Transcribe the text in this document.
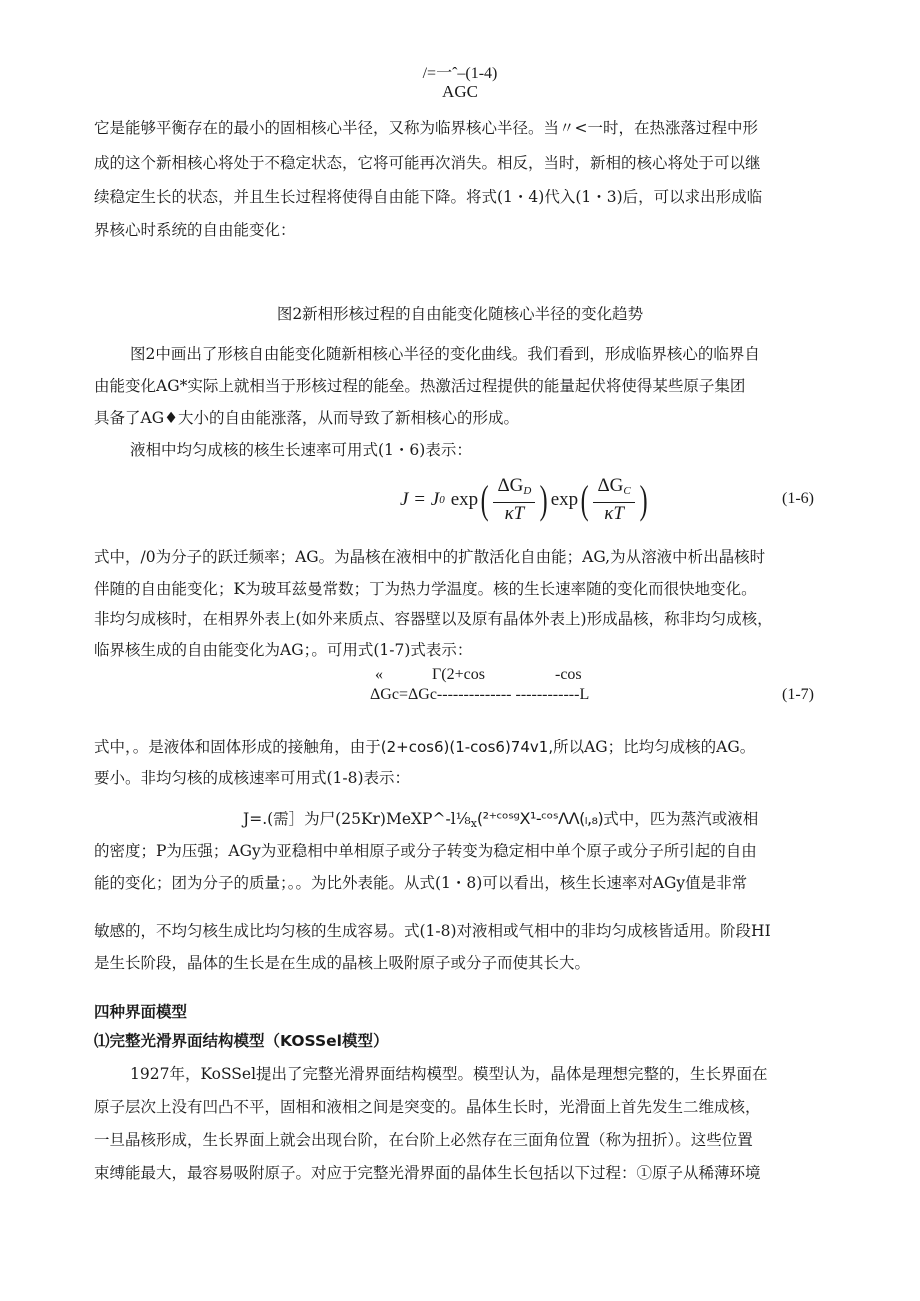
/=一ˆ–(1-4)
AGC
它是能够平衡存在的最小的固相核心半径，又称为临界核心半径。当〃<一时，在热涨落过程中形
成的这个新相核心将处于不稳定状态，它将可能再次消失。相反，当时，新相的核心将处于可以继
续稳定生长的状态，并且生长过程将使得自由能下降。将式(1・4)代入(1・3)后，可以求出形成临
界核心时系统的自由能变化：
图2新相形核过程的自由能变化随核心半径的变化趋势
图2中画出了形核自由能变化随新相核心半径的变化曲线。我们看到，形成临界核心的临界自
由能变化AG*实际上就相当于形核过程的能垒。热激活过程提供的能量起伏将使得某些原子集团
具备了AG♦大小的自由能涨落，从而导致了新相核心的形成。
液相中均匀成核的核生长速率可用式(1・6)表示：
J = J 0 exp ( $\frac{\Delta G_D}{\kappa T}$ ) exp ( $\frac{\Delta G_C}{\kappa T}$ )	(1-6)
式中，/0为分子的跃迁频率；AG。为晶核在液相中的扩散活化自由能；AG,为从溶液中析出晶核时
伴随的自由能变化；K为玻耳兹曼常数；丁为热力学温度。核的生长速率随的变化而很快地变化。
非均匀成核时，在相界外表上(如外来质点、容器壁以及原有晶体外表上)形成晶核，称非均匀成核，
临界核生成的自由能变化为AG；。可用式(1-7)式表示：
«	Γ(2+cos	-cos
ΔGc=ΔGc-------------- ------------L	(1-7)
式中，。是液体和固体形成的接触角，由于(2+cos6)(1-cos6)74v1,所以AG；比均匀成核的AG。
要小。非均匀核的成核速率可用式(1-8)表示：
J=.(需］为尸$(25Kr)MeXP\^{}-l\frac{1}{8}_x(^{2+}ᶜᵒˢᵍX^1-ᶜᵒˢ\Lambda\Lambda(_l,_8)$式中，匹为蒸汽或液相
的密度；P为压强；AGy为亚稳相中单相原子或分子转变为稳定相中单个原子或分子所引起的自由
能的变化；团为分子的质量；。。为比外表能。从式(1・8)可以看出，核生长速率对AGy值是非常
敏感的，不均匀核生成比均匀核的生成容易。式(1-8)对液相或气相中的非均匀成核皆适用。阶段HI
是生长阶段，晶体的生长是在生成的晶核上吸附原子或分子而使其长大。
四种界面模型
⑴完整光滑界面结构模型（KOSSel模型）
1927年，KoSSel提出了完整光滑界面结构模型。模型认为，晶体是理想完整的，生长界面在
原子层次上没有凹凸不平，固相和液相之间是突变的。晶体生长时，光滑面上首先发生二维成核，
一旦晶核形成，生长界面上就会出现台阶，在台阶上必然存在三面角位置（称为扭折）。这些位置
束缚能最大，最容易吸附原子。对应于完整光滑界面的晶体生长包括以下过程：①原子从稀薄环境
